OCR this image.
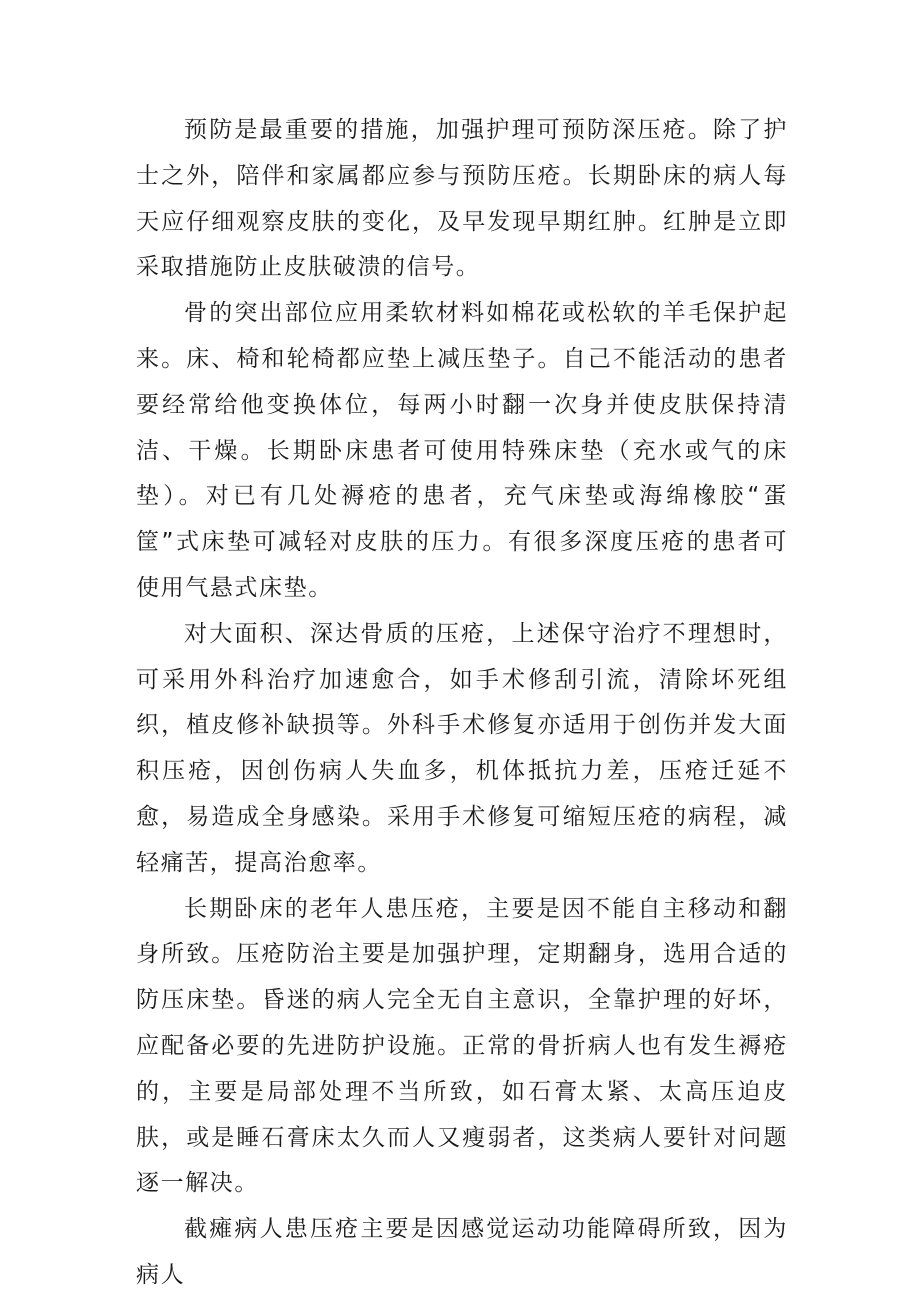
预防是最重要的措施，加强护理可预防深压疮。除了护士之外，陪伴和家属都应参与预防压疮。长期卧床的病人每天应仔细观察皮肤的变化，及早发现早期红肿。红肿是立即采取措施防止皮肤破溃的信号。

骨的突出部位应用柔软材料如棉花或松软的羊毛保护起来。床、椅和轮椅都应垫上减压垫子。自己不能活动的患者要经常给他变换体位，每两小时翻一次身并使皮肤保持清洁、干燥。长期卧床患者可使用特殊床垫（充水或气的床垫）。对已有几处褥疮的患者，充气床垫或海绵橡胶“蛋筐”式床垫可减轻对皮肤的压力。有很多深度压疮的患者可使用气悬式床垫。

对大面积、深达骨质的压疮，上述保守治疗不理想时，可采用外科治疗加速愈合，如手术修刮引流，清除坏死组织，植皮修补缺损等。外科手术修复亦适用于创伤并发大面积压疮，因创伤病人失血多，机体抵抗力差，压疮迁延不愈，易造成全身感染。采用手术修复可缩短压疮的病程，减轻痛苦，提高治愈率。

长期卧床的老年人患压疮，主要是因不能自主移动和翻身所致。压疮防治主要是加强护理，定期翻身，选用合适的防压床垫。昏迷的病人完全无自主意识，全靠护理的好坏，应配备必要的先进防护设施。正常的骨折病人也有发生褥疮的，主要是局部处理不当所致，如石膏太紧、太高压迫皮肤，或是睡石膏床太久而人又瘦弱者，这类病人要针对问题逐一解决。

截瘫病人患压疮主要是因感觉运动功能障碍所致，因为病人
